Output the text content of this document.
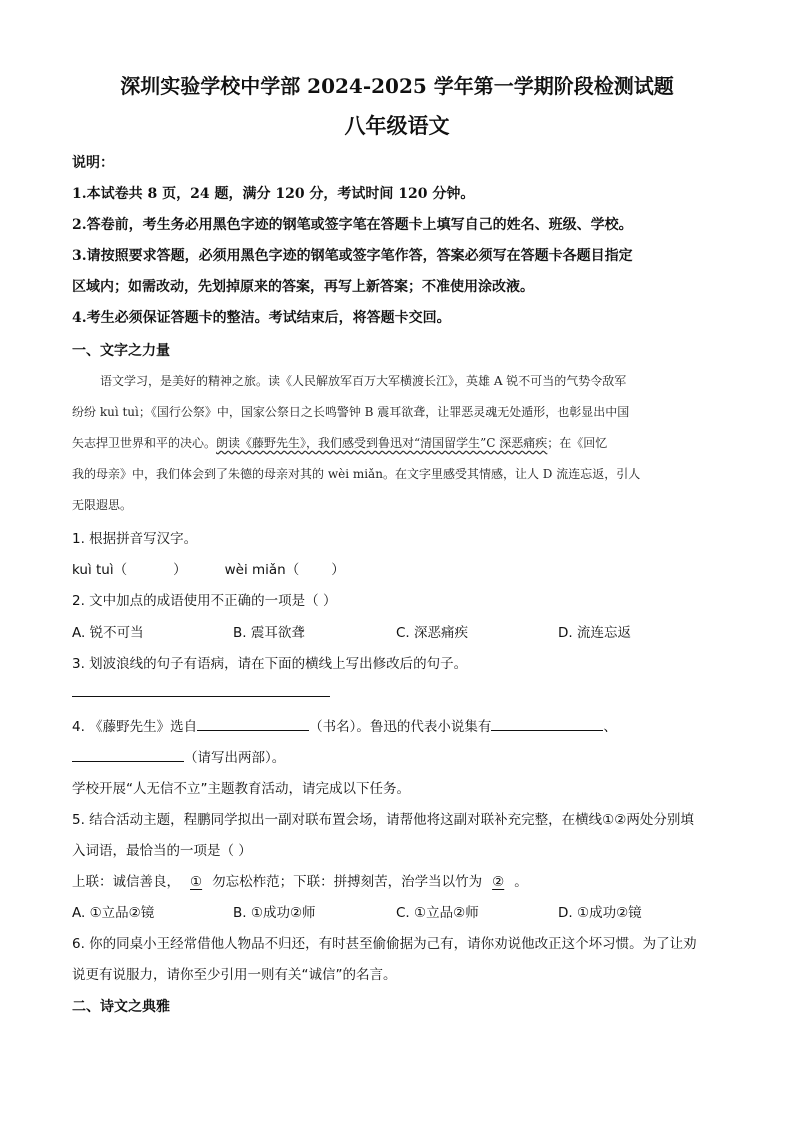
深圳实验学校中学部 2024-2025 学年第一学期阶段检测试题
八年级语文
说明：
1.本试卷共 8 页，24 题，满分 120 分，考试时间 120 分钟。
2.答卷前，考生务必用黑色字迹的钢笔或签字笔在答题卡上填写自己的姓名、班级、学校。
3.请按照要求答题，必须用黑色字迹的钢笔或签字笔作答，答案必须写在答题卡各题目指定
区域内；如需改动，先划掉原来的答案，再写上新答案；不准使用涂改液。
4.考生必须保证答题卡的整洁。考试结束后，将答题卡交回。
一、文字之力量
语文学习，是美好的精神之旅。读《人民解放军百万大军横渡长江》，英雄 A 锐不可当的气势令敌军
纷纷 kuì tuì；《国行公祭》中，国家公祭日之长鸣警钟 B 震耳欲聋，让罪恶灵魂无处遁形，也彰显出中国
矢志捍卫世界和平的决心。朗读《藤野先生》，我们感受到鲁迅对“清国留学生”C 深恶痛疾；在《回忆
我的母亲》中，我们体会到了朱德的母亲对其的 wèi miǎn。在文字里感受其情感，让人 D 流连忘返，引人
无限遐思。
1. 根据拼音写汉字。
kuì tuì（	）	wèi miǎn（ ）
2. 文中加点的成语使用不正确的一项是（ ）
A. 锐不可当	B. 震耳欲聋	C. 深恶痛疾	D. 流连忘返
3. 划波浪线的句子有语病，请在下面的横线上写出修改后的句子。
4. 《藤野先生》选自	（书名）。鲁迅的代表小说集有	、
（请写出两部）。
学校开展“人无信不立”主题教育活动，请完成以下任务。
5. 结合活动主题，程鹏同学拟出一副对联布置会场，请帮他将这副对联补充完整，在横线①②两处分别填
入词语，最恰当的一项是（ ）
上联：诚信善良， ① 勿忘松柞范；下联：拼搏刻苦，治学当以竹为 ② 。
A. ①立品②镜	B. ①成功②师	C. ①立品②师	D. ①成功②镜
6. 你的同桌小王经常借他人物品不归还，有时甚至偷偷据为己有，请你劝说他改正这个坏习惯。为了让劝
说更有说服力，请你至少引用一则有关“诚信”的名言。
二、诗文之典雅
